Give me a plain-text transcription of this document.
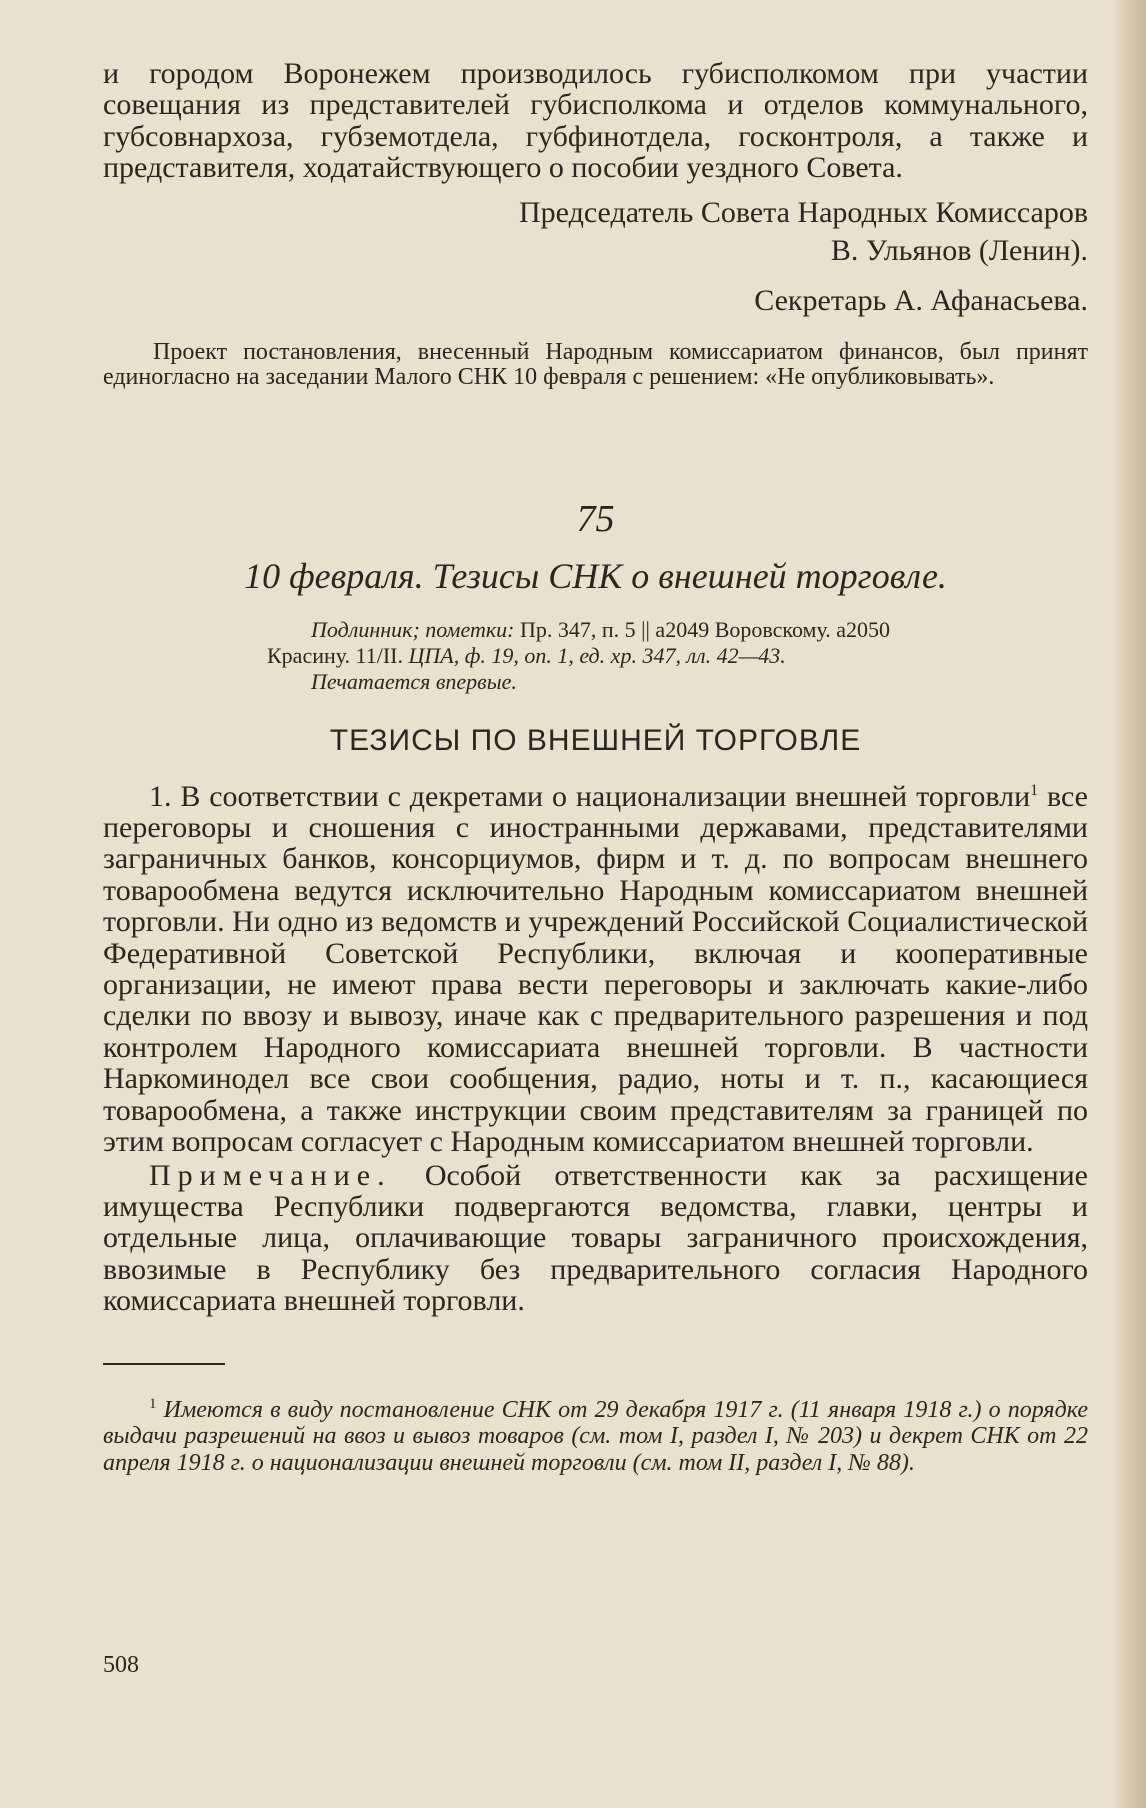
и городом Воронежем производилось губисполкомом при участии совещания из представителей губисполкома и отделов коммунального, губсовнархоза, губземотдела, губфинотдела, госконтроля, а также и представителя, ходатайствующего о пособии уездного Совета.

Председатель Совета Народных Комиссаров
В. Ульянов (Ленин).
Секретарь А. Афанасьева.

Проект постановления, внесенный Народным комиссариатом финансов, был принят единогласно на заседании Малого СНК 10 февраля с решением: «Не опубликовывать».

75
10 февраля. Тезисы СНК о внешней торговле.
Подлинник; пометки: Пр. 347, п. 5 || а2049 Воровскому. а2050
Красину. 11/II. ЦПА, ф. 19, оп. 1, ед. хр. 347, лл. 42—43.
Печатается впервые.
ТЕЗИСЫ ПО ВНЕШНЕЙ ТОРГОВЛЕ

1. В соответствии с декретами о национализации внешней торговли$^1$ все переговоры и сношения с иностранными державами, представителями заграничных банков, консорциумов, фирм и т. д. по вопросам внешнего товарообмена ведутся исключительно Народным комиссариатом внешней торговли. Ни одно из ведомств и учреждений Российской Социалистической Федеративной Советской Республики, включая и кооперативные организации, не имеют права вести переговоры и заключать какие-либо сделки по ввозу и вывозу, иначе как с предварительного разрешения и под контролем Народного комиссариата внешней торговли. В частности Наркоминодел все свои сообщения, радио, ноты и т. п., касающиеся товарообмена, а также инструкции своим представителям за границей по этим вопросам согласует с Народным комиссариатом внешней торговли.

Примечание. Особой ответственности как за расхищение имущества Республики подвергаются ведомства, главки, центры и отдельные лица, оплачивающие товары заграничного происхождения, ввозимые в Республику без предварительного согласия Народного комиссариата внешней торговли.

$^1$ Имеются в виду постановление СНК от 29 декабря 1917 г. (11 января 1918 г.) о порядке выдачи разрешений на ввоз и вывоз товаров (см. том I, раздел I, № 203) и декрет СНК от 22 апреля 1918 г. о национализации внешней торговли (см. том II, раздел I, № 88).

508
